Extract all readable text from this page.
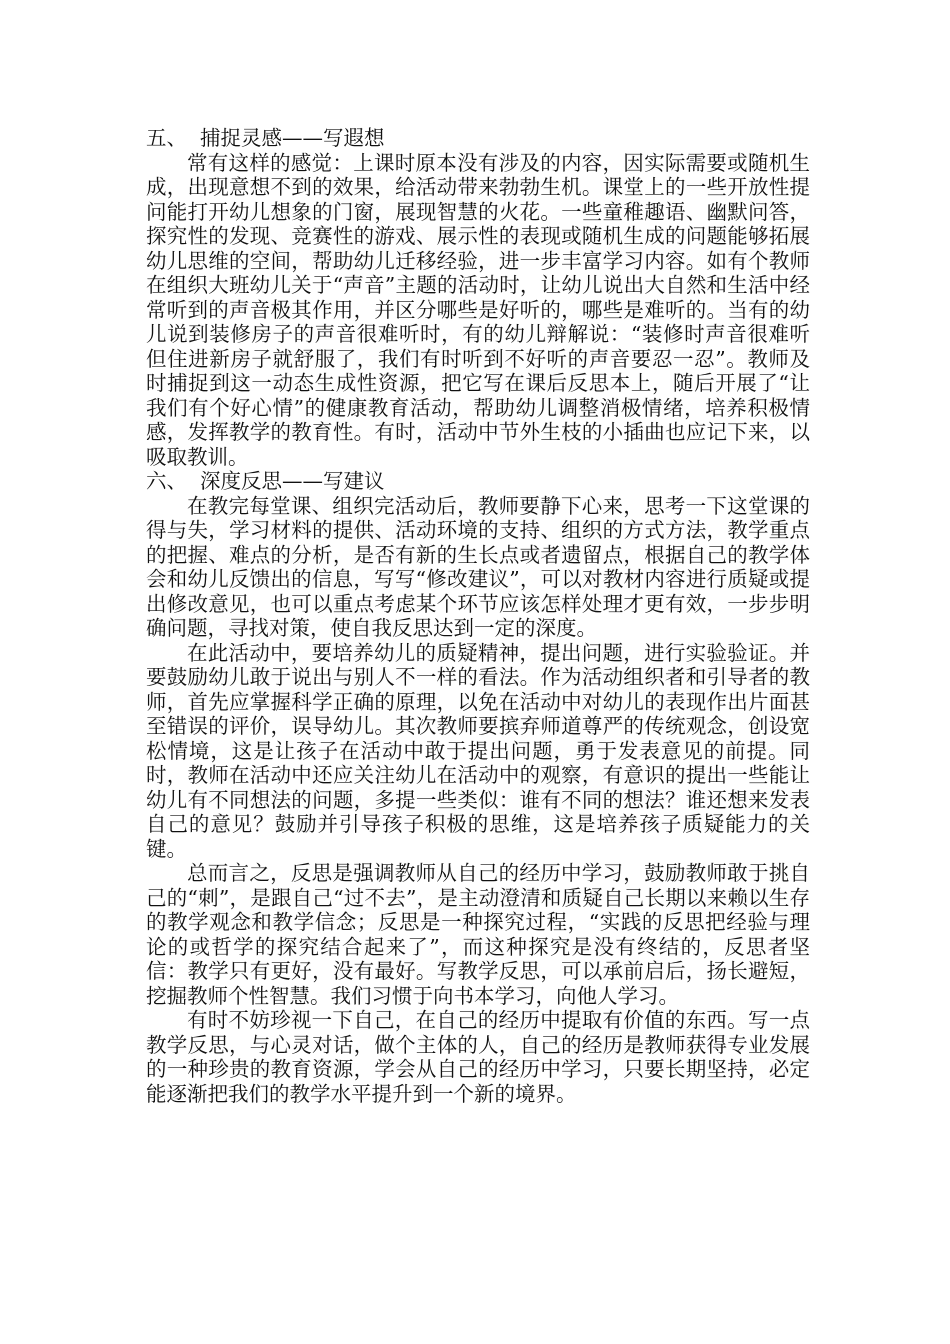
五、 捕捉灵感——写遐想

常有这样的感觉：上课时原本没有涉及的内容，因实际需要或随机生成，出现意想不到的效果，给活动带来勃勃生机。课堂上的一些开放性提问能打开幼儿想象的门窗，展现智慧的火花。一些童稚趣语、幽默问答，探究性的发现、竞赛性的游戏、展示性的表现或随机生成的问题能够拓展幼儿思维的空间，帮助幼儿迁移经验，进一步丰富学习内容。如有个教师在组织大班幼儿关于“声音”主题的活动时，让幼儿说出大自然和生活中经常听到的声音极其作用，并区分哪些是好听的，哪些是难听的。当有的幼儿说到装修房子的声音很难听时，有的幼儿辩解说：“装修时声音很难听但住进新房子就舒服了，我们有时听到不好听的声音要忍一忍”。教师及时捕捉到这一动态生成性资源，把它写在课后反思本上，随后开展了“让我们有个好心情”的健康教育活动，帮助幼儿调整消极情绪，培养积极情感，发挥教学的教育性。有时，活动中节外生枝的小插曲也应记下来，以吸取教训。

六、 深度反思——写建议

在教完每堂课、组织完活动后，教师要静下心来，思考一下这堂课的得与失，学习材料的提供、活动环境的支持、组织的方式方法，教学重点的把握、难点的分析，是否有新的生长点或者遗留点，根据自己的教学体会和幼儿反馈出的信息，写写“修改建议”，可以对教材内容进行质疑或提出修改意见，也可以重点考虑某个环节应该怎样处理才更有效，一步步明确问题，寻找对策，使自我反思达到一定的深度。

在此活动中，要培养幼儿的质疑精神，提出问题，进行实验验证。并要鼓励幼儿敢于说出与别人不一样的看法。作为活动组织者和引导者的教师，首先应掌握科学正确的原理，以免在活动中对幼儿的表现作出片面甚至错误的评价，误导幼儿。其次教师要摈弃师道尊严的传统观念，创设宽松情境，这是让孩子在活动中敢于提出问题，勇于发表意见的前提。同时，教师在活动中还应关注幼儿在活动中的观察，有意识的提出一些能让幼儿有不同想法的问题，多提一些类似：谁有不同的想法？谁还想来发表自己的意见？鼓励并引导孩子积极的思维，这是培养孩子质疑能力的关键。

总而言之，反思是强调教师从自己的经历中学习，鼓励教师敢于挑自己的“刺”，是跟自己“过不去”，是主动澄清和质疑自己长期以来赖以生存的教学观念和教学信念；反思是一种探究过程，“实践的反思把经验与理论的或哲学的探究结合起来了”，而这种探究是没有终结的，反思者坚信：教学只有更好，没有最好。写教学反思，可以承前启后，扬长避短，挖掘教师个性智慧。我们习惯于向书本学习，向他人学习。

有时不妨珍视一下自己，在自己的经历中提取有价值的东西。写一点教学反思，与心灵对话，做个主体的人，自己的经历是教师获得专业发展的一种珍贵的教育资源，学会从自己的经历中学习，只要长期坚持，必定能逐渐把我们的教学水平提升到一个新的境界。
